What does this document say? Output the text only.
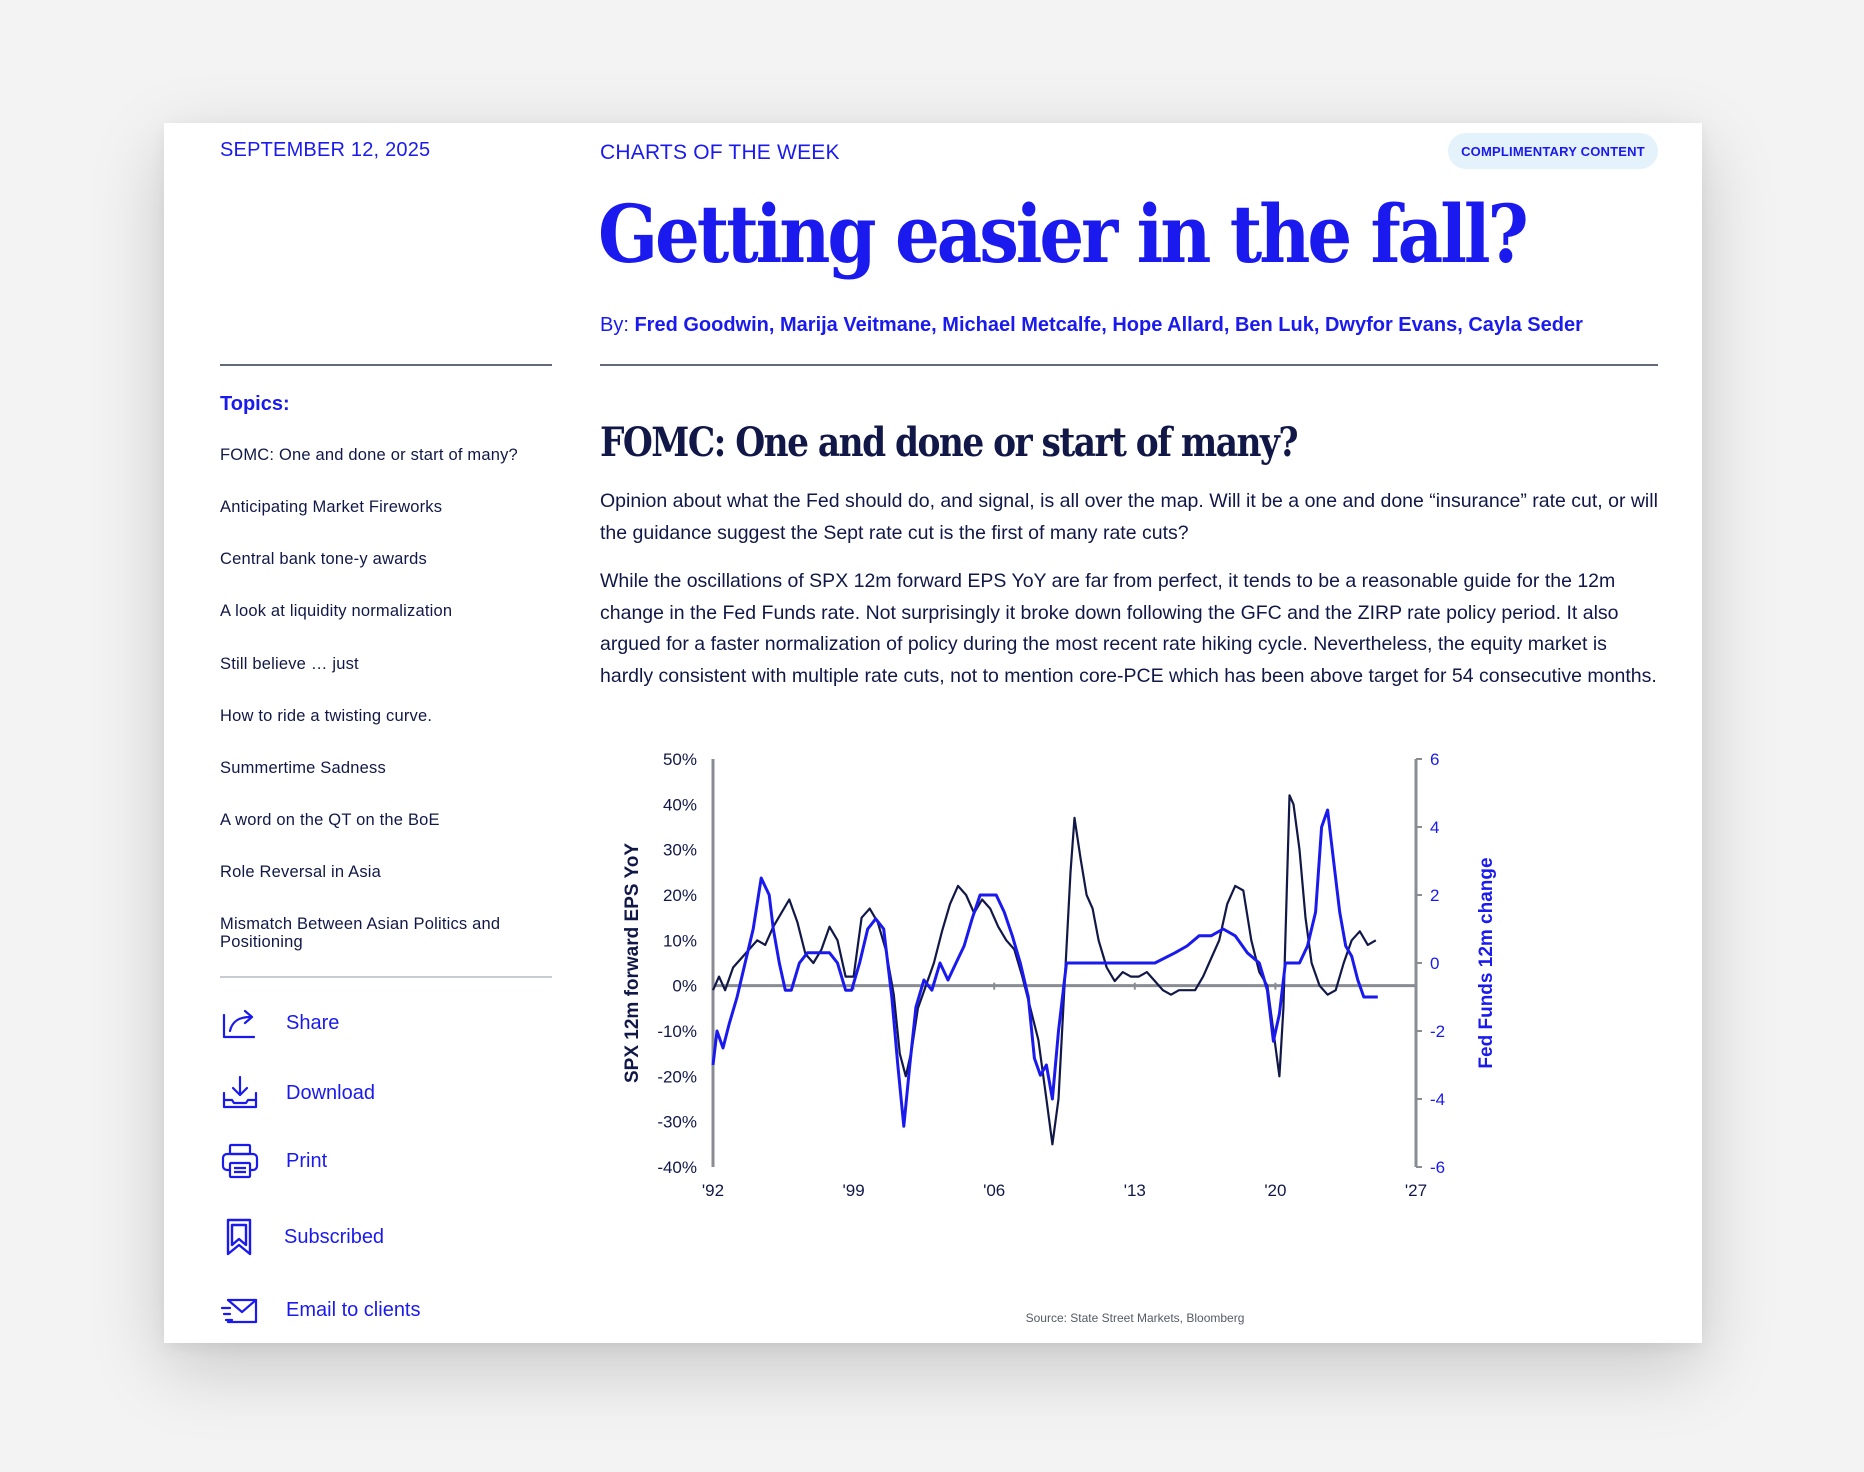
SEPTEMBER 12, 2025	CHARTS OF THE WEEK	COMPLIMENTARY CONTENT
Getting easier in the fall?
By: Fred Goodwin, Marija Veitmane, Michael Metcalfe, Hope Allard, Ben Luk, Dwyfor Evans, Cayla Seder
Topics:
FOMC: One and done or start of many?
Anticipating Market Fireworks
Central bank tone-y awards
A look at liquidity normalization
Still believe … just
How to ride a twisting curve.
Summertime Sadness
A word on the QT on the BoE
Role Reversal in Asia
Mismatch Between Asian Politics and Positioning
Share
Download
Print
Subscribed
Email to clients
FOMC: One and done or start of many?
Opinion about what the Fed should do, and signal, is all over the map. Will it be a one and done “insurance” rate cut, or will the guidance suggest the Sept rate cut is the first of many rate cuts?
While the oscillations of SPX 12m forward EPS YoY are far from perfect, it tends to be a reasonable guide for the 12m change in the Fed Funds rate. Not surprisingly it broke down following the GFC and the ZIRP rate policy period. It also argued for a faster normalization of policy during the most recent rate hiking cycle. Nevertheless, the equity market is hardly consistent with multiple rate cuts, not to mention core-PCE which has been above target for 54 consecutive months.
50%
40%
30%
20%
10%
0%
-10%
-20%
-30%
-40%
6
4
2
0
-2
-4
-6
'92	'99	'06	'13	'20	'27
SPX 12m forward EPS YoY	Fed Funds 12m change
Source: State Street Markets, Bloomberg
